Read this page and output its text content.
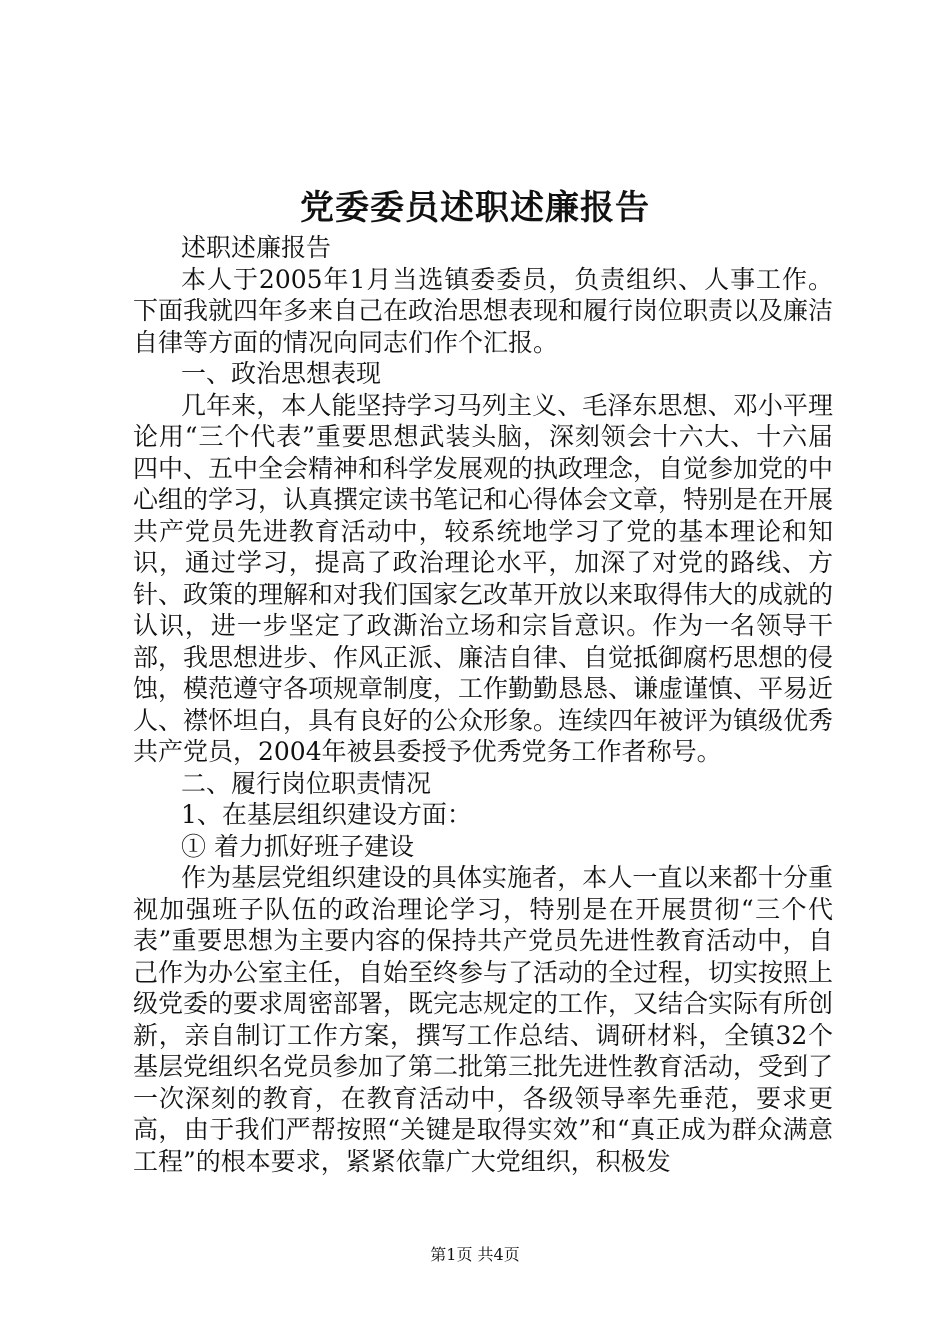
党委委员述职述廉报告

述职述廉报告

本人于2005年1月当选镇委委员，负责组织、人事工作。下面我就四年多来自己在政治思想表现和履行岗位职责以及廉洁自律等方面的情况向同志们作个汇报。

一、政治思想表现

几年来，本人能坚持学习马列主义、毛泽东思想、邓小平理论用“三个代表”重要思想武装头脑，深刻领会十六大、十六届四中、五中全会精神和科学发展观的执政理念，自觉参加党的中心组的学习，认真撰定读书笔记和心得体会文章，特别是在开展共产党员先进教育活动中，较系统地学习了党的基本理论和知识，通过学习，提高了政治理论水平，加深了对党的路线、方针、政策的理解和对我们国家乞改革开放以来取得伟大的成就的认识，进一步坚定了政澌治立场和宗旨意识。作为一名领导干部，我思想进步、作风正派、廉洁自律、自觉抵御腐朽思想的侵蚀，模范遵守各项规章制度，工作勤勤恳恳、谦虚谨慎、平易近人、襟怀坦白，具有良好的公众形象。连续四年被评为镇级优秀共产党员，2004年被县委授予优秀党务工作者称号。

二、履行岗位职责情况

1、在基层组织建设方面：

① 着力抓好班子建设

作为基层党组织建设的具体实施者，本人一直以来都十分重视加强班子队伍的政治理论学习，特别是在开展贯彻“三个代表”重要思想为主要内容的保持共产党员先进性教育活动中，自己作为办公室主任，自始至终参与了活动的全过程，切实按照上级党委的要求周密部署，既完志规定的工作，又结合实际有所创新，亲自制订工作方案，撰写工作总结、调研材料，全镇32个基层党组织名党员参加了第二批第三批先进性教育活动，受到了一次深刻的教育，在教育活动中，各级领导率先垂范，要求更高，由于我们严帮按照“关键是取得实效”和“真正成为群众满意工程”的根本要求，紧紧依靠广大党组织，积极发

第1页 共4页
